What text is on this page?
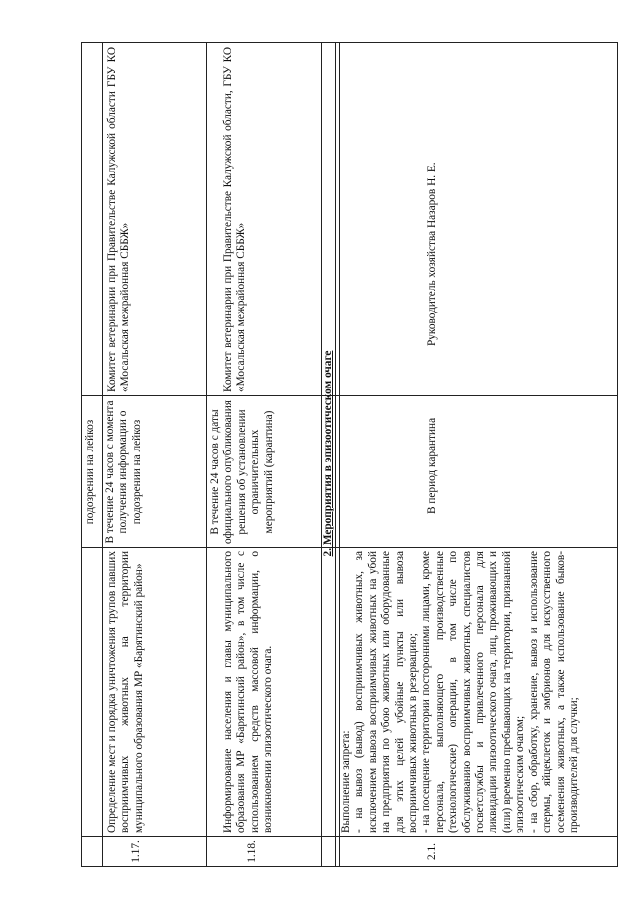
подозрении на лейкоз
1.17.
Определение мест и порядка уничтожения трупов павших восприимчивых животных на территории муниципального образования МР «Барятинский район»
В течение 24 часов с момента получения информации о подозрении на лейкоз
Комитет ветеринарии при Правительстве Калужской области ГБУ КО «Мосальская межрайонная СББЖ»
1.18.
Информирование населения и главы муниципального образования МР «Барятинский район», в том числе с использованием средств массовой информации, о возникновении эпизоотического очага.
В течение 24 часов с даты официального опубликования решения об установлении ограничительных мероприятий (карантина)
Комитет ветеринарии при Правительстве Калужской области, ГБУ КО «Мосальская межрайонная СББЖ»
2. Мероприятия в эпизоотическом очаге
2.1.

Выполнение запрета: - на вывоз (вывод) восприимчивых животных, за исключением вывоза восприимчивых животных на убой на предприятия по убою животных или оборудованные для этих целей убойные пункты или вывоза восприимчивых животных в резервацию; - на посещение территории посторонними лицами, кроме персонала, выполняющего производственные (технологические) операции, в том числе по обслуживанию восприимчивых животных, специалистов госветслужбы и привлеченного персонала для ликвидации эпизоотического очага, лиц, проживающих и (или) временно пребывающих на территории, признанной эпизоотическим очагом; - на сбор, обработку, хранение, вывоз и использование спермы, яйцеклеток и эмбрионов для искусственного осеменения животных, а также использование быков-производителей для случки;

В период карантина
Руководитель хозяйства Назаров Н. Е.
